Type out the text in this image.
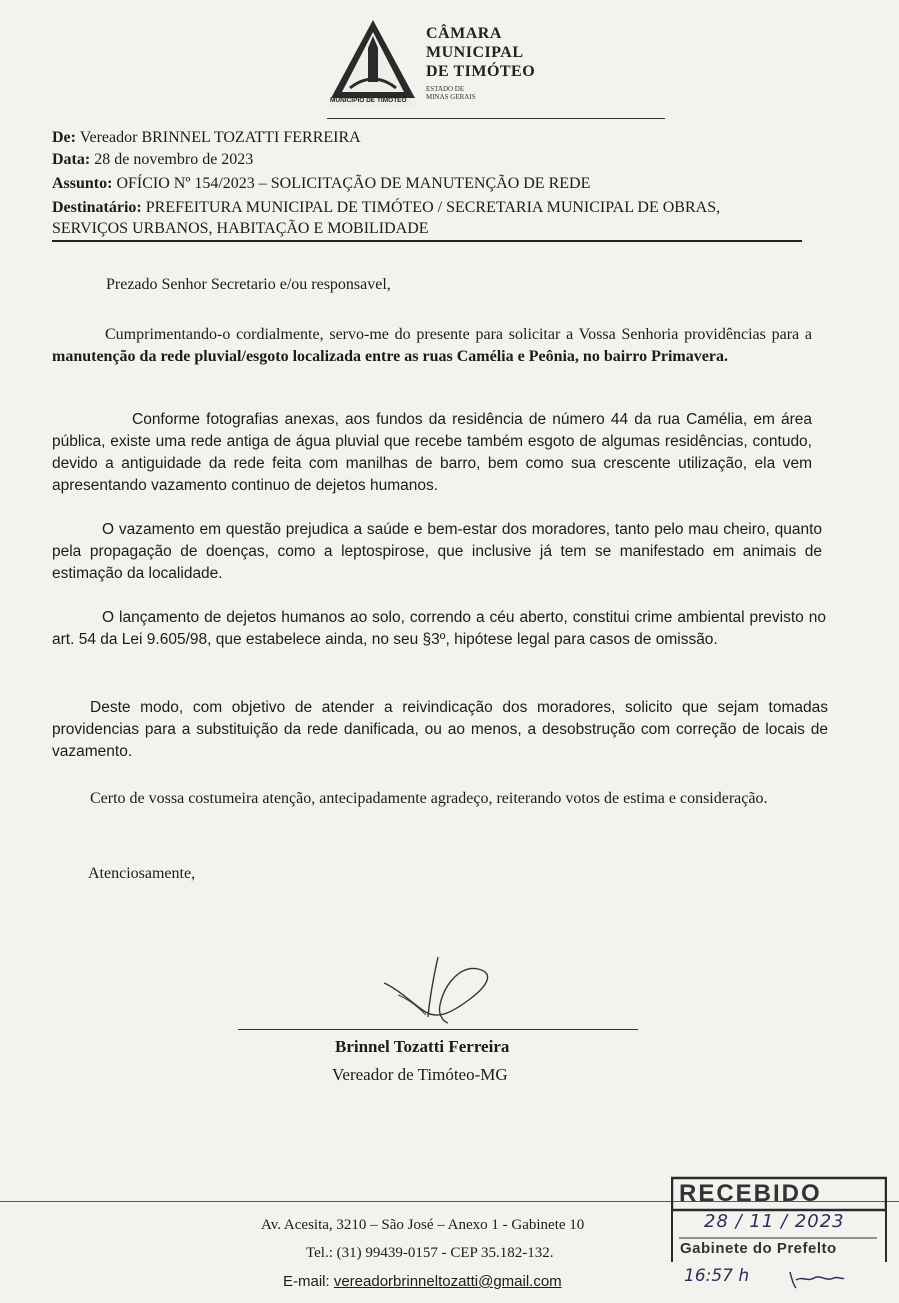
MUNICÍPIO DE TIMÓTEO
CÂMARA
MUNICIPAL
DE TIMÓTEO
ESTADO DE
MINAS GERAIS
De: Vereador BRINNEL TOZATTI FERREIRA
Data: 28 de novembro de 2023
Assunto: OFÍCIO Nº 154/2023 – SOLICITAÇÃO DE MANUTENÇÃO DE REDE
Destinatário: PREFEITURA MUNICIPAL DE TIMÓTEO / SECRETARIA MUNICIPAL DE OBRAS,
SERVIÇOS URBANOS, HABITAÇÃO E MOBILIDADE
Prezado Senhor Secretario e/ou responsavel,
Cumprimentando-o cordialmente, servo-me do presente para solicitar a Vossa Senhoria providências para a manutenção da rede pluvial/esgoto localizada entre as ruas Camélia e Peônia, no bairro Primavera.
Conforme fotografias anexas, aos fundos da residência de número 44 da rua Camélia, em área pública, existe uma rede antiga de água pluvial que recebe também esgoto de algumas residências, contudo, devido a antiguidade da rede feita com manilhas de barro, bem como sua crescente utilização, ela vem apresentando vazamento continuo de dejetos humanos.
O vazamento em questão prejudica a saúde e bem-estar dos moradores, tanto pelo mau cheiro, quanto pela propagação de doenças, como a leptospirose, que inclusive já tem se manifestado em animais de estimação da localidade.
O lançamento de dejetos humanos ao solo, correndo a céu aberto, constitui crime ambiental previsto no art. 54 da Lei 9.605/98, que estabelece ainda, no seu §3º, hipótese legal para casos de omissão.
Deste modo, com objetivo de atender a reivindicação dos moradores, solicito que sejam tomadas providencias para a substituição da rede danificada, ou ao menos, a desobstrução com correção de locais de vazamento.
Certo de vossa costumeira atenção, antecipadamente agradeço, reiterando votos de estima e consideração.
Atenciosamente,
Brinnel Tozatti Ferreira
Vereador de Timóteo-MG
Av. Acesita, 3210 – São José – Anexo 1 - Gabinete 10
Tel.: (31) 99439-0157 - CEP 35.182-132.
E-mail: vereadorbrinneltozatti@gmail.com
RECEBIDO
28 / 11 / 2023
Gabinete do Prefelto
16:57 h
